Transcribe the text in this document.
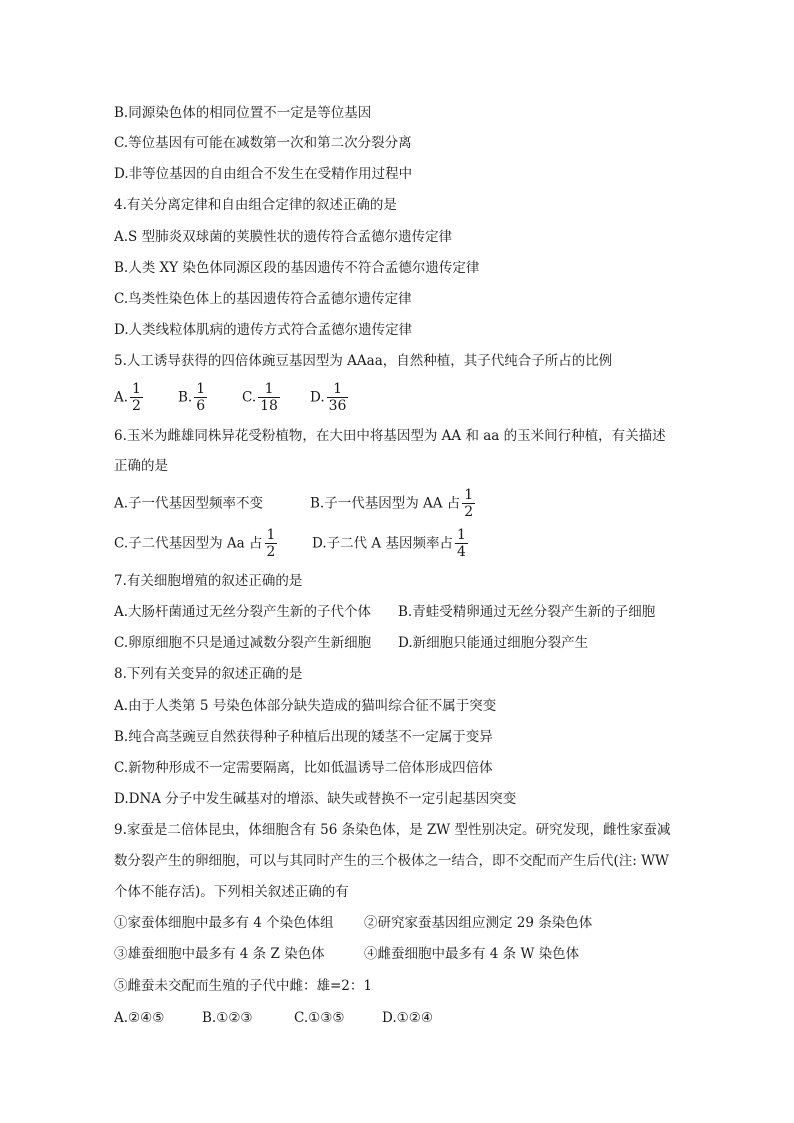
B.同源染色体的相同位置不一定是等位基因
C.等位基因有可能在减数第一次和第二次分裂分离
D.非等位基因的自由组合不发生在受精作用过程中
4.有关分离定律和自由组合定律的叙述正确的是
A.S 型肺炎双球菌的荚膜性状的遗传符合孟德尔遗传定律
B.人类 XY 染色体同源区段的基因遗传不符合孟德尔遗传定律
C.鸟类性染色体上的基因遗传符合孟德尔遗传定律
D.人类线粒体肌病的遗传方式符合孟德尔遗传定律
5.人工诱导获得的四倍体豌豆基因型为 AAaa，自然种植，其子代纯合子所占的比例
A. $\frac{1}{2}$	B. $\frac{1}{6}$	C. $\frac{1}{18} D$. $\frac{1}{36}$
6.玉米为雌雄同株异花受粉植物，在大田中将基因型为 AA 和 aa 的玉米间行种植，有关描述
正确的是
A.子一代基因型频率不变	B.子一代基因型为 AA 占 $\frac{1}{2}$
C.子二代基因型为 Aa 占 $\frac{1}{2}$	D.子二代 A 基因频率占 $\frac{1}{4}$
7.有关细胞增殖的叙述正确的是
A.大肠杆菌通过无丝分裂产生新的子代个体 B.青蛙受精卵通过无丝分裂产生新的子细胞
C.卵原细胞不只是通过减数分裂产生新细胞 D.新细胞只能通过细胞分裂产生
8.下列有关变异的叙述正确的是
A.由于人类第 5 号染色体部分缺失造成的猫叫综合征不属于突变
B.纯合高茎豌豆自然获得种子种植后出现的矮茎不一定属于变异
C.新物种形成不一定需要隔离，比如低温诱导二倍体形成四倍体
D.DNA 分子中发生碱基对的增添、缺失或替换不一定引起基因突变
9.家蚕是二倍体昆虫，体细胞含有 56 条染色体，是 ZW 型性别决定。研究发现，雌性家蚕减
数分裂产生的卵细胞，可以与其同时产生的三个极体之一结合，即不交配而产生后代(注: WW
个体不能存活)。下列相关叙述正确的有
①家蚕体细胞中最多有 4 个染色体组 ②研究家蚕基因组应测定 29 条染色体
③雄蚕细胞中最多有 4 条 Z 染色体	④雌蚕细胞中最多有 4 条 W 染色体
⑤雌蚕未交配而生殖的子代中雌：雄=2：1
A.②④⑤	B.①②③	C.①③⑤	D.①②④
